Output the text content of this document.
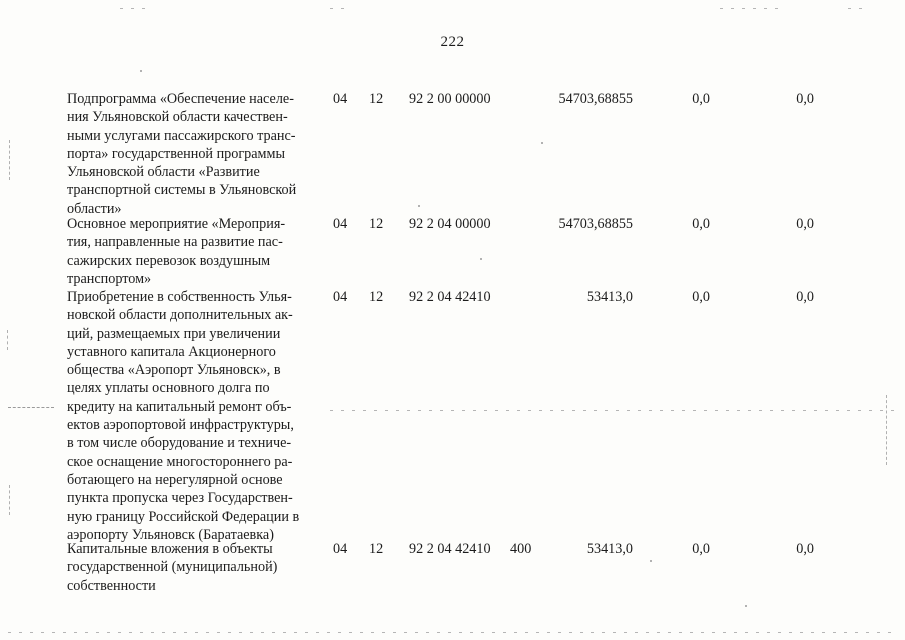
222
Подпрограмма «Обеспечение населе-
ния Ульяновской области качествен-
ными услугами пассажирского транс-
порта» государственной программы
Ульяновской области «Развитие
транспортной системы в Ульяновской
области»
04 12 92 2 00 00000	54703,68855	0,0	0,0
Основное мероприятие «Мероприя-
тия, направленные на развитие пас-
сажирских перевозок воздушным
транспортом»
04 12 92 2 04 00000	54703,68855	0,0	0,0
Приобретение в собственность Улья-
новской области дополнительных ак-
ций, размещаемых при увеличении
уставного капитала Акционерного
общества «Аэропорт Ульяновск», в
целях уплаты основного долга по
кредиту на капитальный ремонт объ-
ектов аэропортовой инфраструктуры,
в том числе оборудование и техниче-
ское оснащение многостороннего ра-
ботающего на нерегулярной основе
пункта пропуска через Государствен-
ную границу Российской Федерации в
аэропорту Ульяновск (Баратаевка)
04 12 92 2 04 42410	53413,0	0,0	0,0
Капитальные вложения в объекты
государственной (муниципальной)
собственности
04 12 92 2 04 42410 400	53413,0	0,0	0,0
